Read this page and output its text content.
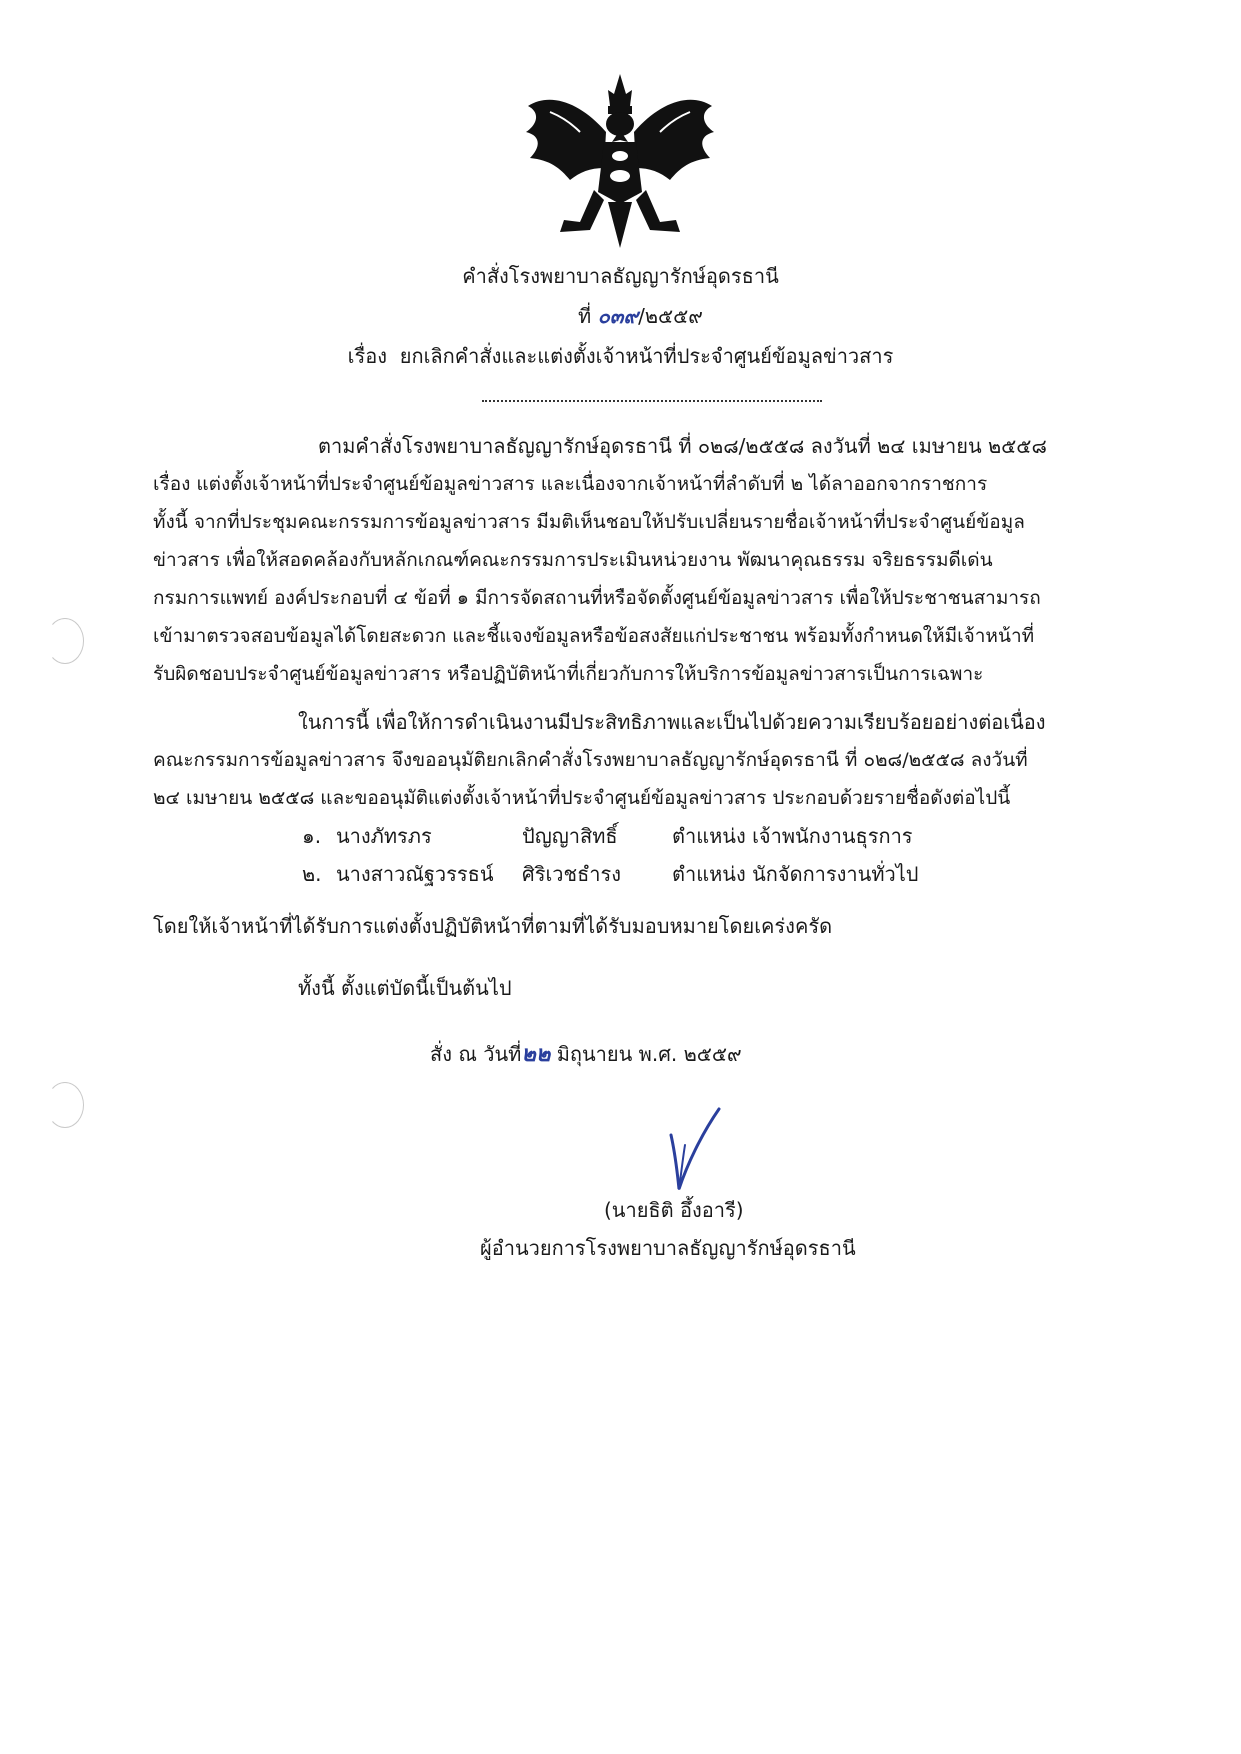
คำสั่งโรงพยาบาลธัญญารักษ์อุดรธานี
ที่ ๐๓๙/๒๕๕๙
เรื่อง ยกเลิกคำสั่งและแต่งตั้งเจ้าหน้าที่ประจำศูนย์ข้อมูลข่าวสาร
ตามคำสั่งโรงพยาบาลธัญญารักษ์อุดรธานี ที่ ๐๒๘/๒๕๕๘ ลงวันที่ ๒๔ เมษายน ๒๕๕๘
เรื่อง แต่งตั้งเจ้าหน้าที่ประจำศูนย์ข้อมูลข่าวสาร และเนื่องจากเจ้าหน้าที่ลำดับที่ ๒ ได้ลาออกจากราชการ
ทั้งนี้ จากที่ประชุมคณะกรรมการข้อมูลข่าวสาร มีมติเห็นชอบให้ปรับเปลี่ยนรายชื่อเจ้าหน้าที่ประจำศูนย์ข้อมูล
ข่าวสาร เพื่อให้สอดคล้องกับหลักเกณฑ์คณะกรรมการประเมินหน่วยงาน พัฒนาคุณธรรม จริยธรรมดีเด่น
กรมการแพทย์ องค์ประกอบที่ ๔ ข้อที่ ๑ มีการจัดสถานที่หรือจัดตั้งศูนย์ข้อมูลข่าวสาร เพื่อให้ประชาชนสามารถ
เข้ามาตรวจสอบข้อมูลได้โดยสะดวก และชี้แจงข้อมูลหรือข้อสงสัยแก่ประชาชน พร้อมทั้งกำหนดให้มีเจ้าหน้าที่
รับผิดชอบประจำศูนย์ข้อมูลข่าวสาร หรือปฏิบัติหน้าที่เกี่ยวกับการให้บริการข้อมูลข่าวสารเป็นการเฉพาะ
ในการนี้ เพื่อให้การดำเนินงานมีประสิทธิภาพและเป็นไปด้วยความเรียบร้อยอย่างต่อเนื่อง
คณะกรรมการข้อมูลข่าวสาร จึงขออนุมัติยกเลิกคำสั่งโรงพยาบาลธัญญารักษ์อุดรธานี ที่ ๐๒๘/๒๕๕๘ ลงวันที่
๒๔ เมษายน ๒๕๕๘ และขออนุมัติแต่งตั้งเจ้าหน้าที่ประจำศูนย์ข้อมูลข่าวสาร ประกอบด้วยรายชื่อดังต่อไปนี้
๑. นางภัทรภร	ปัญญาสิทธิ์	ตำแหน่ง เจ้าพนักงานธุรการ
๒. นางสาวณัฐวรรธน์ ศิริเวชธำรง	ตำแหน่ง นักจัดการงานทั่วไป
โดยให้เจ้าหน้าที่ได้รับการแต่งตั้งปฏิบัติหน้าที่ตามที่ได้รับมอบหมายโดยเคร่งครัด
ทั้งนี้ ตั้งแต่บัดนี้เป็นต้นไป
สั่ง ณ วันที่๒๒ มิถุนายน พ.ศ. ๒๕๕๙
(นายธิติ อึ้งอารี)
ผู้อำนวยการโรงพยาบาลธัญญารักษ์อุดรธานี
